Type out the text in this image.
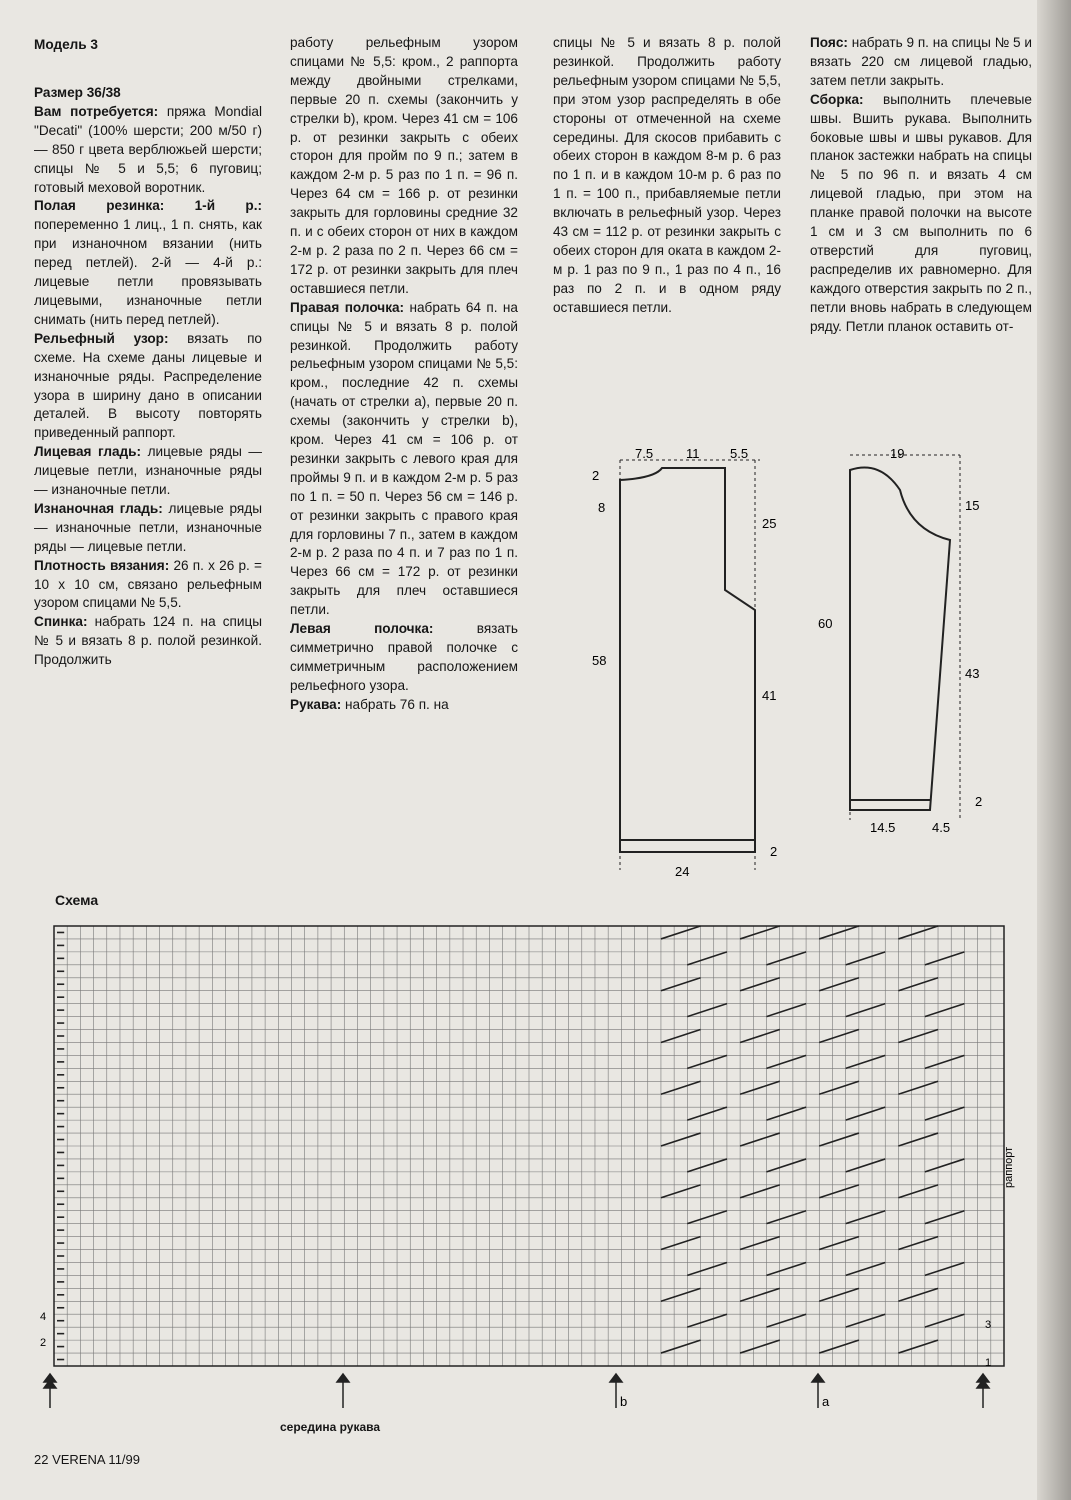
Модель 3

Размер 36/38

Вам потребуется: пряжа Mondial "Decati" (100% шерсти; 200 м/50 г) — 850 г цвета верблюжьей шерсти; спицы № 5 и 5,5; 6 пуговиц; готовый меховой воротник.

Полая резинка: 1-й р.: попеременно 1 лиц., 1 п. снять, как при изнаночном вязании (нить перед петлей). 2-й — 4-й р.: лицевые петли провязывать лицевыми, изнаночные петли снимать (нить перед петлей).

Рельефный узор: вязать по схеме. На схеме даны лицевые и изнаночные ряды. Распределение узора в ширину дано в описании деталей. В высоту повторять приведенный раппорт.

Лицевая гладь: лицевые ряды — лицевые петли, изнаночные ряды — изнаночные петли.

Изнаночная гладь: лицевые ряды — изнаночные петли, изнаночные ряды — лицевые петли.

Плотность вязания: 26 п. х 26 р. = 10 х 10 см, связано рельефным узором спицами № 5,5.

Спинка: набрать 124 п. на спицы № 5 и вязать 8 р. полой резинкой. Продолжить

работу рельефным узором спицами № 5,5: кром., 2 раппорта между двойными стрелками, первые 20 п. схемы (закончить у стрелки b), кром. Через 41 см = 106 р. от резинки закрыть с обеих сторон для пройм по 9 п.; затем в каждом 2-м р. 5 раз по 1 п. = 96 п. Через 64 см = 166 р. от резинки закрыть для горловины средние 32 п. и с обеих сторон от них в каждом 2-м р. 2 раза по 2 п. Через 66 см = 172 р. от резинки закрыть для плеч оставшиеся петли.

Правая полочка: набрать 64 п. на спицы № 5 и вязать 8 р. полой резинкой. Продолжить работу рельефным узором спицами № 5,5: кром., последние 42 п. схемы (начать от стрелки a), первые 20 п. схемы (закончить у стрелки b), кром. Через 41 см = 106 р. от резинки закрыть с левого края для проймы 9 п. и в каждом 2-м р. 5 раз по 1 п. = 50 п. Через 56 см = 146 р. от резинки закрыть с правого края для горловины 7 п., затем в каждом 2-м р. 2 раза по 4 п. и 7 раз по 1 п. Через 66 см = 172 р. от резинки закрыть для плеч оставшиеся петли.

Левая полочка: вязать симметрично правой полочке с симметричным расположением рельефного узора.

Рукава: набрать 76 п. на

спицы № 5 и вязать 8 р. полой резинкой. Продолжить работу рельефным узором спицами № 5,5, при этом узор распределять в обе стороны от отмеченной на схеме середины. Для скосов прибавить с обеих сторон в каждом 8-м р. 6 раз по 1 п. и в каждом 10-м р. 6 раз по 1 п. = 100 п., прибавляемые петли включать в рельефный узор. Через 43 см = 112 р. от резинки закрыть с обеих сторон для оката в каждом 2-м р. 1 раз по 9 п., 1 раз по 4 п., 16 раз по 2 п. и в одном ряду оставшиеся петли.

Пояс: набрать 9 п. на спицы № 5 и вязать 220 см лицевой гладью, затем петли закрыть.

Сборка: выполнить плечевые швы. Вшить рукава. Выполнить боковые швы и швы рукавов. Для планок застежки набрать на спицы № 5 по 96 п. и вязать 4 см лицевой гладью, при этом на планке правой полочки на высоте 1 см и 3 см выполнить по 6 отверстий для пуговиц, распределив их равномерно. Для каждого отверстия закрыть по 2 п., петли вновь набрать в следующем ряду. Петли планок оставить от-

7.5	11 5.5
2
8
25
58
41
2
24
19
15
60
43
2
14.5	4.5
Схема
4
2
3
1
раппорт
b	a
середина рукава
22 VERENA 11/99
